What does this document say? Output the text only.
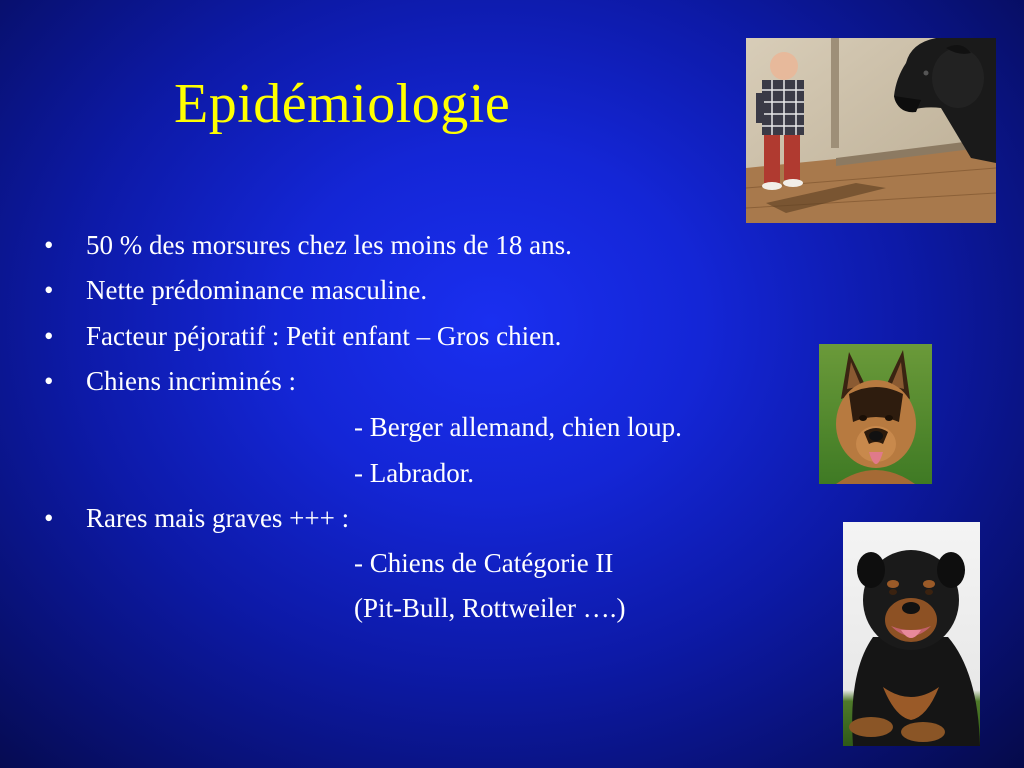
Epidémiologie
• 50 % des morsures chez les moins de 18 ans.
• Nette prédominance masculine.
• Facteur péjoratif : Petit enfant – Gros chien.
• Chiens incriminés :
- Berger allemand, chien loup.
- Labrador.
• Rares mais graves +++ :
- Chiens de Catégorie II
(Pit-Bull, Rottweiler ….)
